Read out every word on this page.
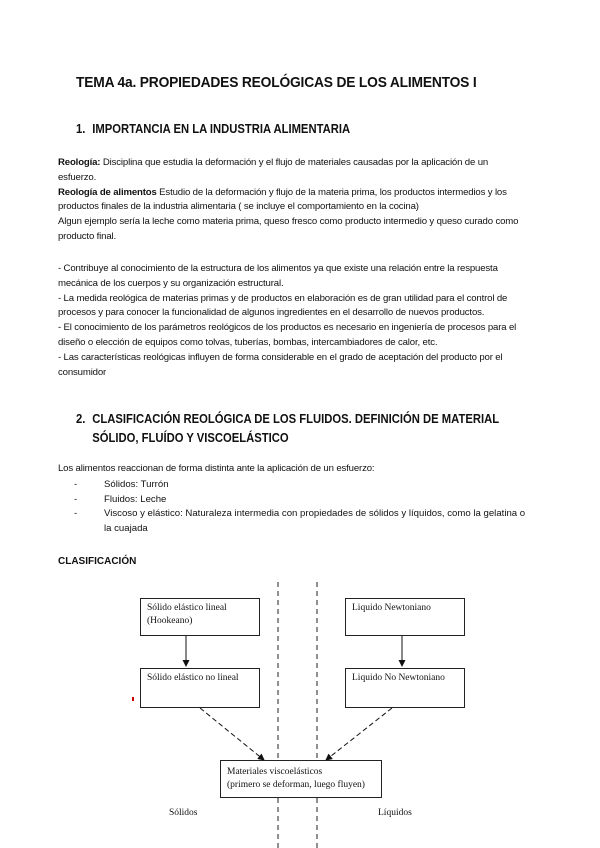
TEMA 4a. PROPIEDADES REOLÓGICAS DE LOS ALIMENTOS I
1. IMPORTANCIA EN LA INDUSTRIA ALIMENTARIA
Reología: Disciplina que estudia la deformación y el flujo de materiales causadas por la aplicación de un esfuerzo.
Reología de alimentos Estudio de la deformación y flujo de la materia prima, los productos intermedios y los productos finales de la industria alimentaria ( se incluye el comportamiento en la cocina)
Algun ejemplo sería la leche como materia prima, queso fresco como producto intermedio y queso curado como producto final.
- Contribuye al conocimiento de la estructura de los alimentos ya que existe una relación entre la respuesta mecánica de los cuerpos y su organización estructural.
- La medida reológica de materias primas y de productos en elaboración es de gran utilidad para el control de procesos y para conocer la funcionalidad de algunos ingredientes en el desarrollo de nuevos productos.
- El conocimiento de los parámetros reológicos de los productos es necesario en ingeniería de procesos para el diseño o elección de equipos como tolvas, tuberías, bombas, intercambiadores de calor, etc.
- Las características reológicas influyen de forma considerable en el grado de aceptación del producto por el consumidor
2. CLASIFICACIÓN REOLÓGICA DE LOS FLUIDOS. DEFINICIÓN DE MATERIAL
SÓLIDO, FLUÍDO Y VISCOELÁSTICO
Los alimentos reaccionan de forma distinta ante la aplicación de un esfuerzo:
-	Sólidos: Turrón
-	Fluidos: Leche
-	Viscoso y elástico: Naturaleza intermedia con propiedades de sólidos y líquidos, como la gelatina o la cuajada
CLASIFICACIÓN
Sólido elástico lineal
(Hookeano)
Sólido elástico no lineal
Liquido Newtoniano
Liquido No Newtoniano
Materiales viscoelásticos
(primero se deforman, luego fluyen)
Sólidos	Líquidos
